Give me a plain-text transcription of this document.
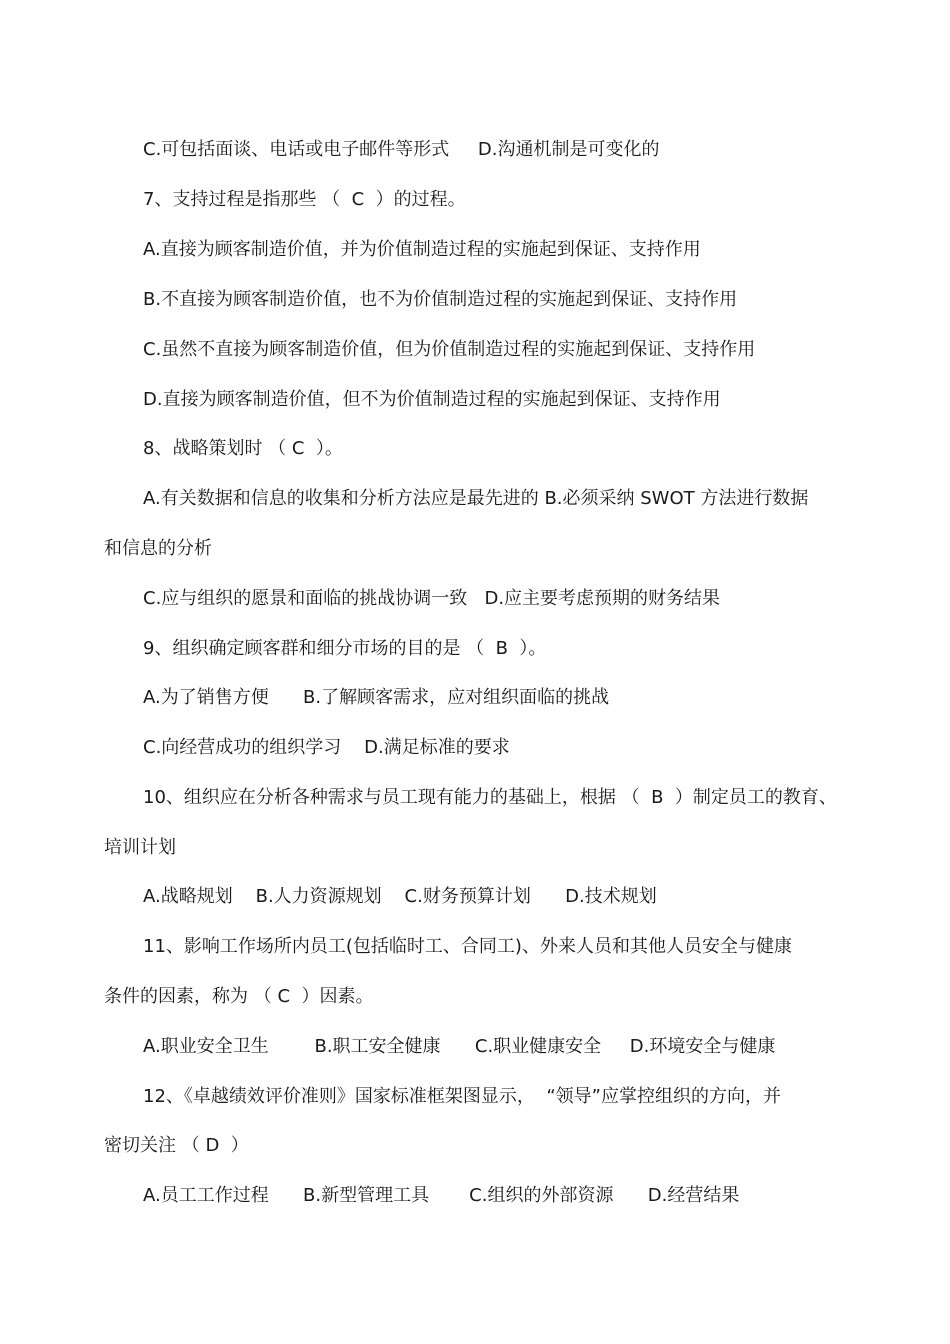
C.可包括面谈、电话或电子邮件等形式     D.沟通机制是可变化的
7、支持过程是指那些 （  C  ）的过程。
A.直接为顾客制造价值，并为价值制造过程的实施起到保证、支持作用
B.不直接为顾客制造价值，也不为价值制造过程的实施起到保证、支持作用
C.虽然不直接为顾客制造价值，但为价值制造过程的实施起到保证、支持作用
D.直接为顾客制造价值，但不为价值制造过程的实施起到保证、支持作用
8、战略策划时 （ C  ）。
A.有关数据和信息的收集和分析方法应是最先进的 B.必须采纳 SWOT 方法进行数据
和信息的分析
C.应与组织的愿景和面临的挑战协调一致   D.应主要考虑预期的财务结果
9、组织确定顾客群和细分市场的目的是 （  B  ）。
A.为了销售方便      B.了解顾客需求，应对组织面临的挑战
C.向经营成功的组织学习    D.满足标准的要求
10、组织应在分析各种需求与员工现有能力的基础上，根据 （  B  ）制定员工的教育、
培训计划
A.战略规划    B.人力资源规划    C.财务预算计划      D.技术规划
11、影响工作场所内员工(包括临时工、合同工)、外来人员和其他人员安全与健康
条件的因素，称为 （ C  ）因素。
A.职业安全卫生        B.职工安全健康      C.职业健康安全     D.环境安全与健康
12、《卓越绩效评价准则》国家标准框架图显示，  “领导”应掌控组织的方向，并
密切关注 （ D  ）
A.员工工作过程      B.新型管理工具       C.组织的外部资源      D.经营结果
